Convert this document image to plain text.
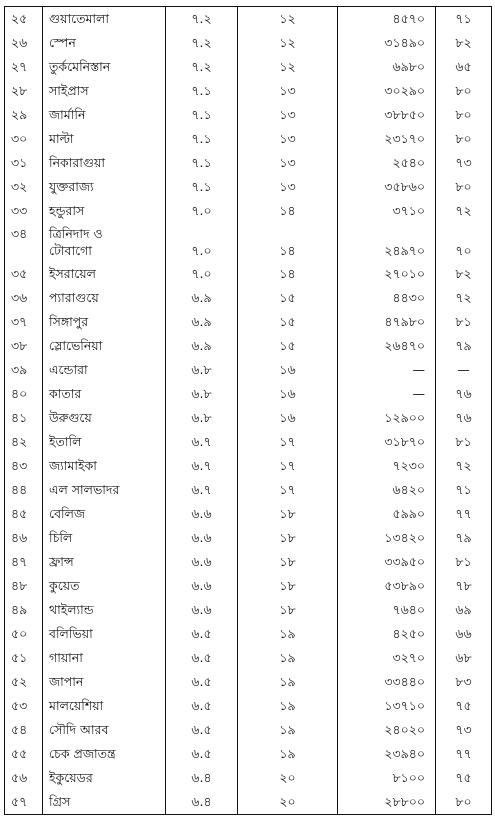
২৫	গুয়াতেমালা	৭.২	১২	৪৫৭০	৭১
২৬	স্পেন	৭.২	১২	৩১৪৯০	৮২
২৭	তুর্কমেনিস্তান	৭.২	১২	৬৯৮০	৬৫
২৮	সাইপ্রাস	৭.১	১৩	৩০২৯০	৮০
২৯	জার্মানি	৭.১	১৩	৩৮৮৫০	৮০
৩০	মাল্টা	৭.১	১৩	২৩১৭০	৮০
৩১	নিকারাগুয়া	৭.১	১৩	২৫৪০	৭৩
৩২	যুক্তরাজ্য	৭.১	১৩	৩৫৮৬০	৮০
৩৩	হন্ডুরাস	৭.০	১৪	৩৭১০	৭২
৩৪	ত্রিনিদাদ ও				
	টোবাগো	৭.০	১৪	২৪৯৭০	৭০
৩৫	ইসরায়েল	৭.০	১৪	২৭০১০	৮২
৩৬	প্যারাগুয়ে	৬.৯	১৫	৪৪৩০	৭২
৩৭	সিঙ্গাপুর	৬.৯	১৫	৪৭৯৮০	৮১
৩৮	স্লোভেনিয়া	৬.৯	১৫	২৬৪৭০	৭৯
৩৯	এন্ডোরা	৬.৮	১৬	—	—
৪০	কাতার	৬.৮	১৬	—	৭৬
৪১	উরুগুয়ে	৬.৮	১৬	১২৯০০	৭৬
৪২	ইতালি	৬.৭	১৭	৩১৮৭০	৮১
৪৩	জ্যামাইকা	৬.৭	১৭	৭২৩০	৭২
৪৪	এল সালভাদর	৬.৭	১৭	৬৪২০	৭১
৪৫	বেলিজ	৬.৬	১৮	৫৯৯০	৭৭
৪৬	চিলি	৬.৬	১৮	১৩৪২০	৭৯
৪৭	ফ্রান্স	৬.৬	১৮	৩৩৯৫০	৮১
৪৮	কুয়েত	৬.৬	১৮	৫৩৮৯০	৭৮
৪৯	থাইল্যান্ড	৬.৬	১৮	৭৬৪০	৬৯
৫০	বলিভিয়া	৬.৫	১৯	৪২৫০	৬৬
৫১	গায়ানা	৬.৫	১৯	৩২৭০	৬৮
৫২	জাপান	৬.৫	১৯	৩৩৪৪০	৮৩
৫৩	মালয়েশিয়া	৬.৫	১৯	১৩৭১০	৭৫
৫৪	সৌদি আরব	৬.৫	১৯	২৪০২০	৭৩
৫৫	চেক প্রজাতন্ত্র	৬.৫	১৯	২৩৯৪০	৭৭
৫৬	ইকুয়েডর	৬.৪	২০	৮১০০	৭৫
৫৭	গ্রিস	৬.৪	২০	২৮৮০০	৮০
